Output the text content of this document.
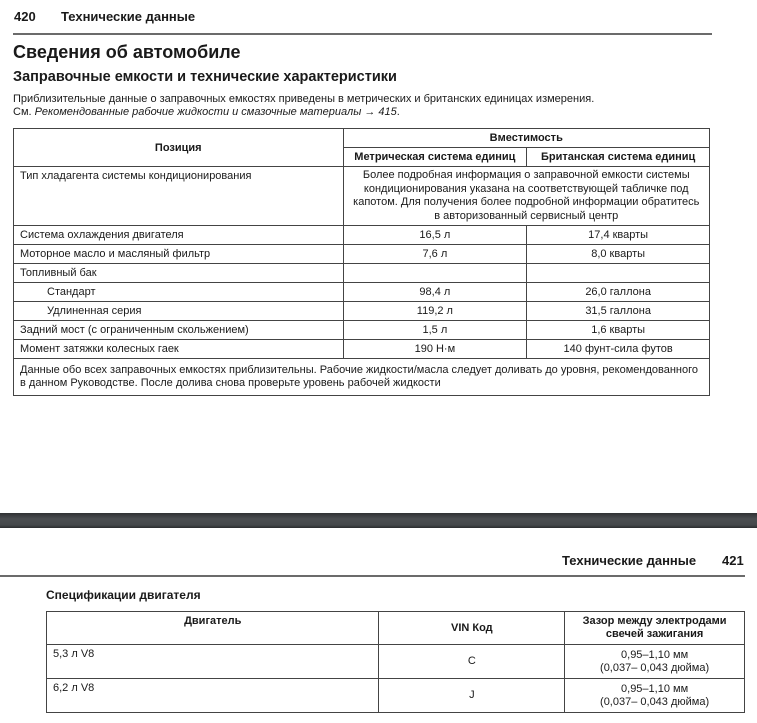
420 Технические данные
Сведения об автомобиле
Заправочные емкости и технические характеристики
Приблизительные данные о заправочных емкостях приведены в метрических и британских единицах измерения.
См. Рекомендованные рабочие жидкости и смазочные материалы → 415.
Позиция	Вместимость	
	Метрическая система единиц	Британская система единиц
Тип хладагента системы кондиционирования	Более подробная информация о заправочной емкости системы кондиционирования указана на соответствующей табличке под капотом. Для получения более подробной информации обратитесь в авторизованный сервисный центр	
Система охлаждения двигателя	16,5 л	17,4 кварты
Моторное масло и масляный фильтр	7,6 л	8,0 кварты
Топливный бак		
Стандарт	98,4 л	26,0 галлона
Удлиненная серия	119,2 л	31,5 галлона
Задний мост (с ограниченным скольжением)	1,5 л	1,6 кварты
Момент затяжки колесных гаек	190 Н·м	140 фунт-сила футов
Данные обо всех заправочных емкостях приблизительны. Рабочие жидкости/масла следует доливать до уровня, рекомендованного в данном Руководстве. После долива снова проверьте уровень рабочей жидкости		
Технические данные 421
Спецификации двигателя
Двигатель	VIN Код	Зазор между электродами свечей зажигания
5,3 л V8	C	0,95–1,10 мм
(0,037– 0,043 дюйма)

6,2 л V8	J	0,95–1,10 мм
(0,037– 0,043 дюйма)
